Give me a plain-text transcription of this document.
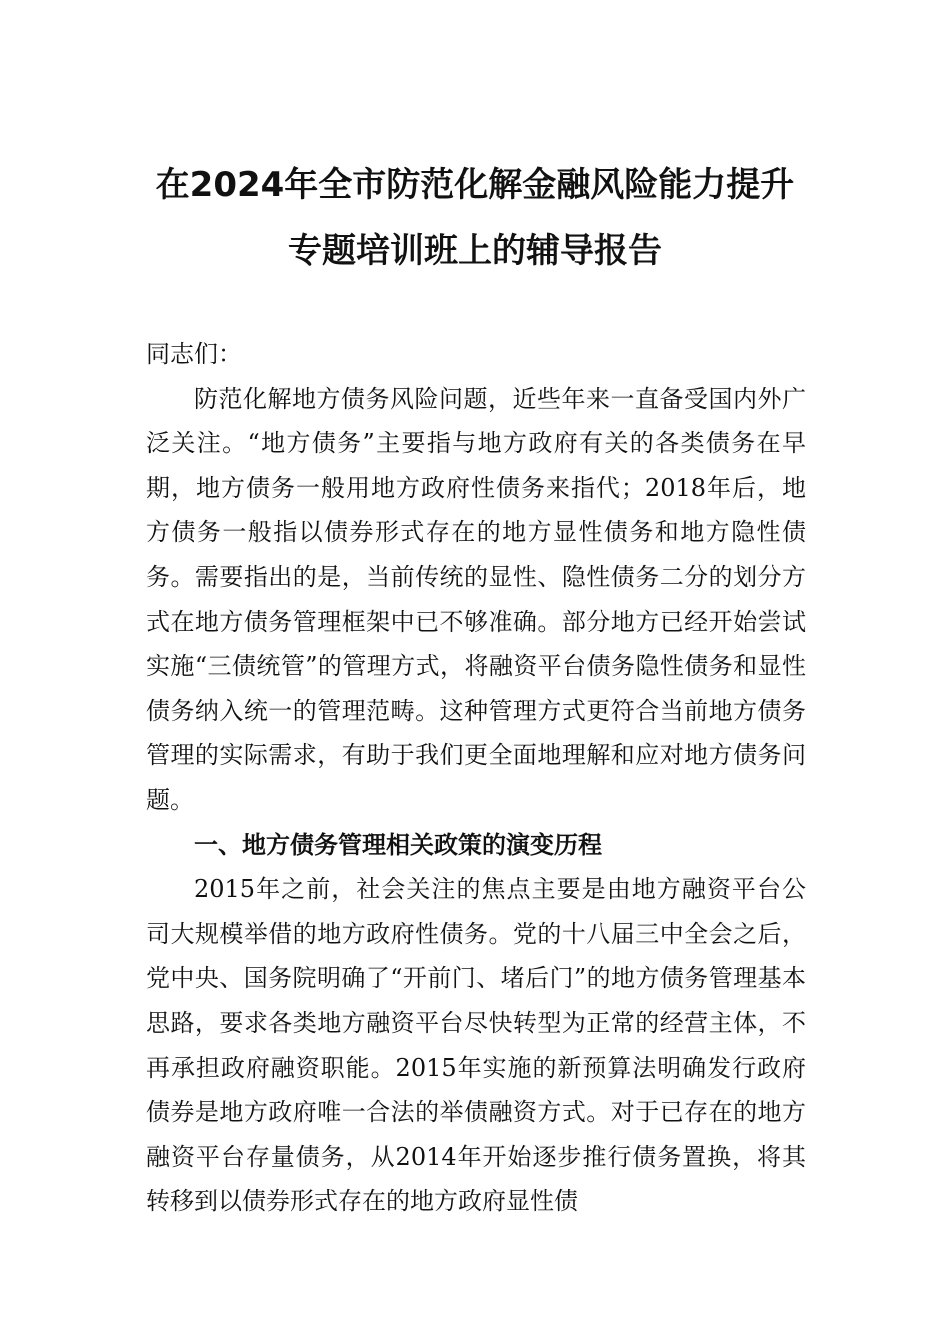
在2024年全市防范化解金融风险能力提升
专题培训班上的辅导报告

同志们：

防范化解地方债务风险问题，近些年来一直备受国内外广泛关注。“地方债务”主要指与地方政府有关的各类债务在早期，地方债务一般用地方政府性债务来指代；2018年后，地方债务一般指以债券形式存在的地方显性债务和地方隐性债务。需要指出的是，当前传统的显性、隐性债务二分的划分方式在地方债务管理框架中已不够准确。部分地方已经开始尝试实施“三债统管”的管理方式，将融资平台债务隐性债务和显性债务纳入统一的管理范畴。这种管理方式更符合当前地方债务管理的实际需求，有助于我们更全面地理解和应对地方债务问题。

一、地方债务管理相关政策的演变历程

2015年之前，社会关注的焦点主要是由地方融资平台公司大规模举借的地方政府性债务。党的十八届三中全会之后，党中央、国务院明确了“开前门、堵后门”的地方债务管理基本思路，要求各类地方融资平台尽快转型为正常的经营主体，不再承担政府融资职能。2015年实施的新预算法明确发行政府债券是地方政府唯一合法的举债融资方式。对于已存在的地方融资平台存量债务，从2014年开始逐步推行债务置换，将其转移到以债券形式存在的地方政府显性债
